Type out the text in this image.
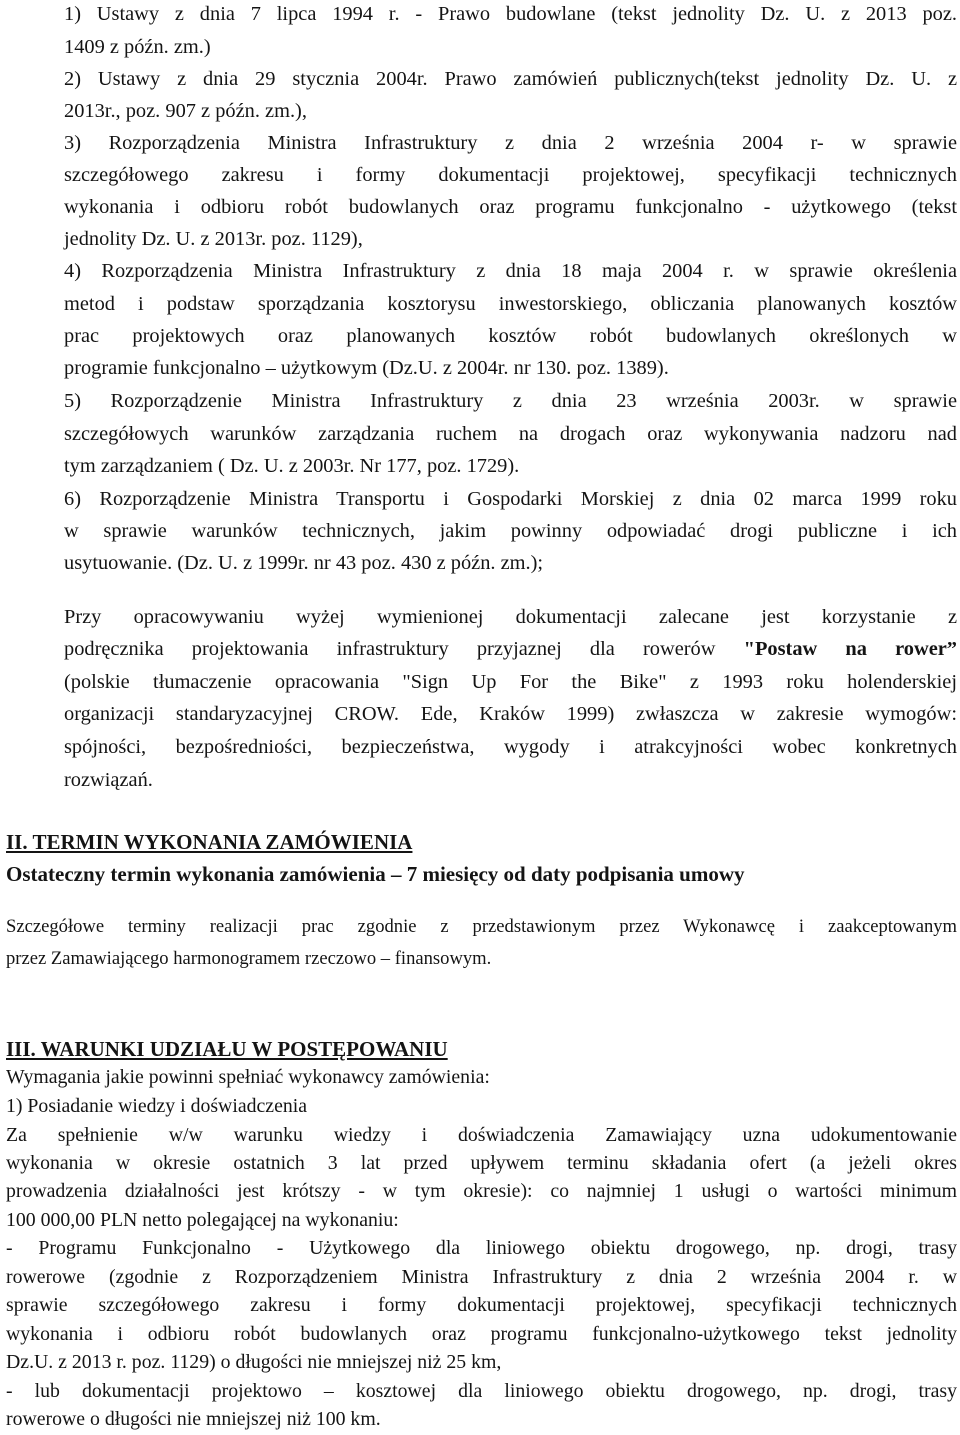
1) Ustawy z dnia 7 lipca 1994 r. - Prawo budowlane (tekst jednolity Dz. U. z 2013 poz.
1409 z późn. zm.)
2) Ustawy z dnia 29 stycznia 2004r. Prawo zamówień publicznych(tekst jednolity Dz. U. z
2013r., poz. 907 z późn. zm.),
3) Rozporządzenia Ministra Infrastruktury z dnia 2 września 2004 r- w sprawie
szczegółowego zakresu i formy dokumentacji projektowej, specyfikacji technicznych
wykonania i odbioru robót budowlanych oraz programu funkcjonalno - użytkowego (tekst
jednolity Dz. U. z 2013r. poz. 1129),
4) Rozporządzenia Ministra Infrastruktury z dnia 18 maja 2004 r. w sprawie określenia
metod i podstaw sporządzania kosztorysu inwestorskiego, obliczania planowanych kosztów
prac projektowych oraz planowanych kosztów robót budowlanych określonych w
programie funkcjonalno – użytkowym (Dz.U. z 2004r. nr 130. poz. 1389).
5) Rozporządzenie Ministra Infrastruktury z dnia 23 września 2003r. w sprawie
szczegółowych warunków zarządzania ruchem na drogach oraz wykonywania nadzoru nad
tym zarządzaniem ( Dz. U. z 2003r. Nr 177, poz. 1729).
6) Rozporządzenie Ministra Transportu i Gospodarki Morskiej z dnia 02 marca 1999 roku
w sprawie warunków technicznych, jakim powinny odpowiadać drogi publiczne i ich
usytuowanie. (Dz. U. z 1999r. nr 43 poz. 430 z późn. zm.);
Przy opracowywaniu wyżej wymienionej dokumentacji zalecane jest korzystanie z
podręcznika projektowania infrastruktury przyjaznej dla rowerów "Postaw na rower”
(polskie tłumaczenie opracowania "Sign Up For the Bike" z 1993 roku holenderskiej
organizacji standaryzacyjnej CROW. Ede, Kraków 1999) zwłaszcza w zakresie wymogów:
spójności, bezpośredniości, bezpieczeństwa, wygody i atrakcyjności wobec konkretnych
rozwiązań.
II. TERMIN WYKONANIA ZAMÓWIENIA
Ostateczny termin wykonania zamówienia – 7 miesięcy od daty podpisania umowy
Szczegółowe terminy realizacji prac zgodnie z przedstawionym przez Wykonawcę i zaakceptowanym
przez Zamawiającego harmonogramem rzeczowo – finansowym.
III. WARUNKI UDZIAŁU W POSTĘPOWANIU
Wymagania jakie powinni spełniać wykonawcy zamówienia:
1) Posiadanie wiedzy i doświadczenia
Za spełnienie w/w warunku wiedzy i doświadczenia Zamawiający uzna udokumentowanie
wykonania w okresie ostatnich 3 lat przed upływem terminu składania ofert (a jeżeli okres
prowadzenia działalności jest krótszy - w tym okresie): co najmniej 1 usługi o wartości minimum
100 000,00 PLN netto polegającej na wykonaniu:
- Programu Funkcjonalno - Użytkowego dla liniowego obiektu drogowego, np. drogi, trasy
rowerowe (zgodnie z Rozporządzeniem Ministra Infrastruktury z dnia 2 września 2004 r. w
sprawie szczegółowego zakresu i formy dokumentacji projektowej, specyfikacji technicznych
wykonania i odbioru robót budowlanych oraz programu funkcjonalno-użytkowego tekst jednolity
Dz.U. z 2013 r. poz. 1129) o długości nie mniejszej niż 25 km,
- lub dokumentacji projektowo – kosztowej dla liniowego obiektu drogowego, np. drogi, trasy
rowerowe o długości nie mniejszej niż 100 km.
